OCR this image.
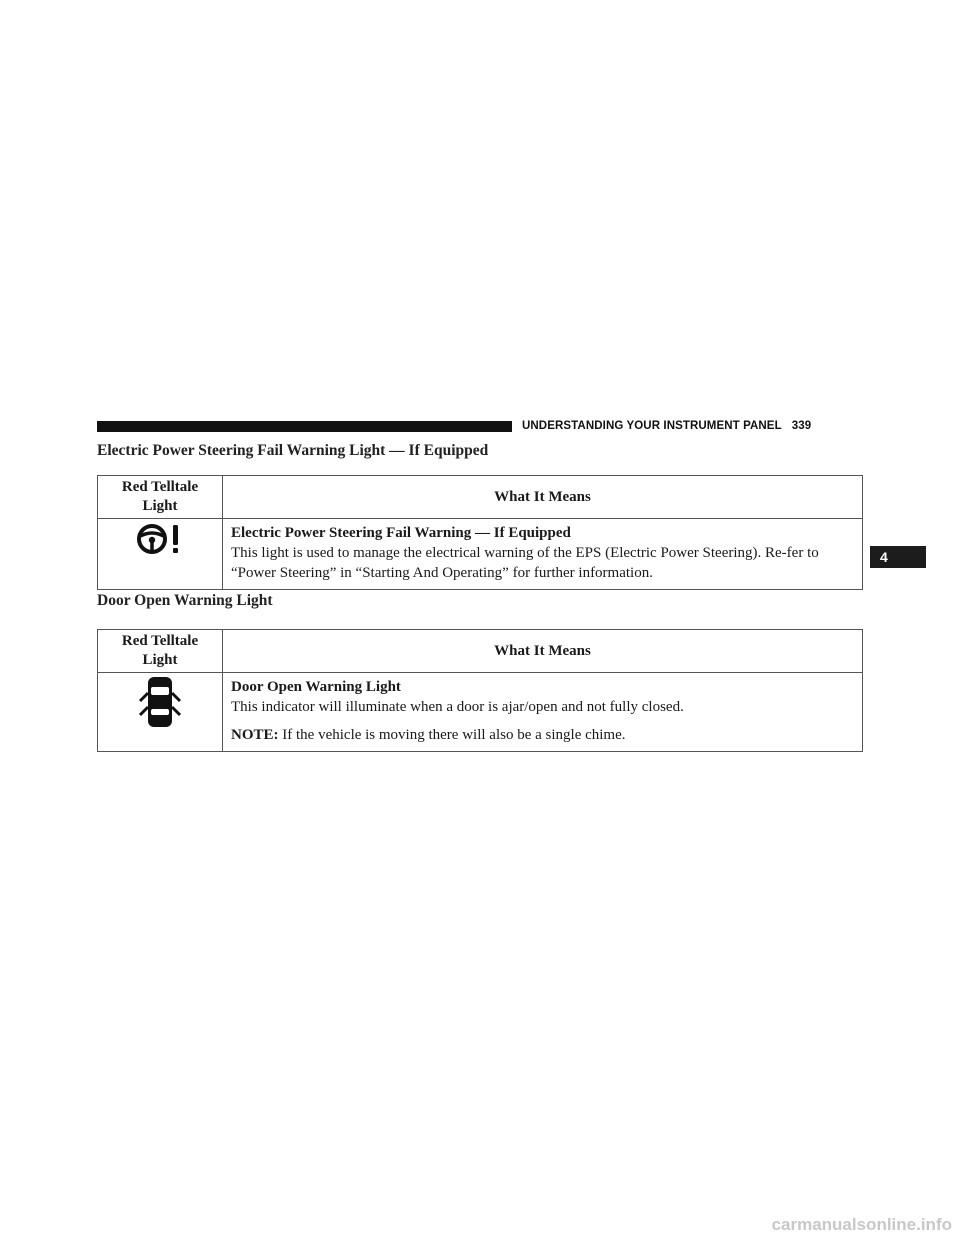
UNDERSTANDING YOUR INSTRUMENT PANEL 339
4
Electric Power Steering Fail Warning Light — If Equipped
Red Telltale
Light	What It Means

Electric Power Steering Fail Warning — If Equipped
This light is used to manage the electrical warning of the EPS (Electric Power Steering). Re-fer to “Power Steering” in “Starting And Operating” for further information.
Door Open Warning Light
Red Telltale
Light	What It Means

Door Open Warning Light
This indicator will illuminate when a door is ajar/open and not fully closed.
NOTE: If the vehicle is moving there will also be a single chime.
carmanualsonline.info
